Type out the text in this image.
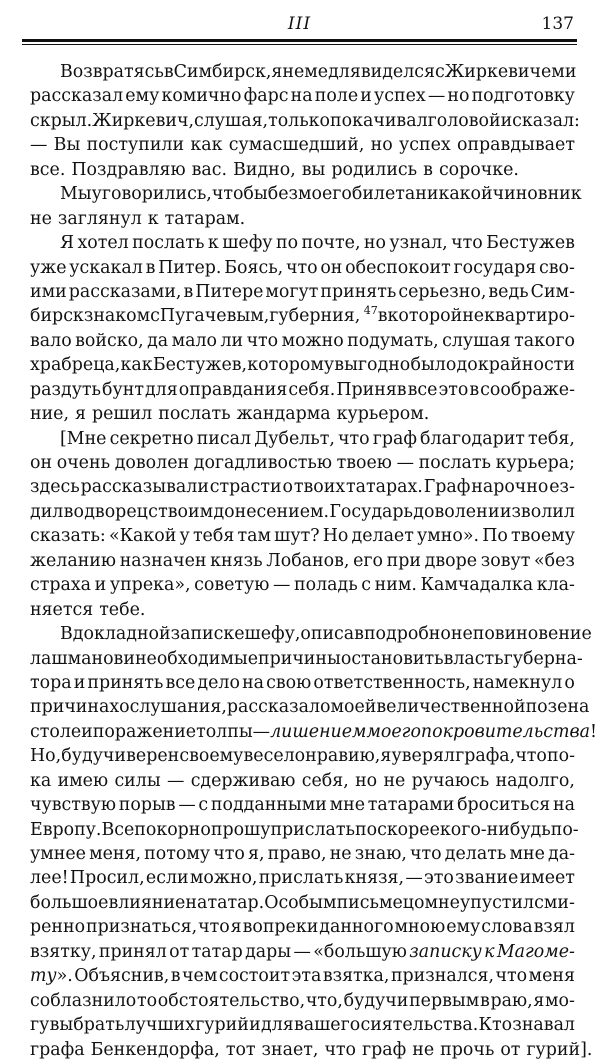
III	137
Возвратясь в Симбирск, я немедля виделся с Жиркевичем и
рассказал ему комично фарс на поле и успех — но подготовку
скрыл. Жиркевич, слушая, только покачивал головой и сказал:
— Вы поступили как сумасшедший, но успех оправдывает
все. Поздравляю вас. Видно, вы родились в сорочке.
Мы уговорились, чтобы без моего билета никакой чиновник
не заглянул к татарам.
Я хотел послать к шефу по почте, но узнал, что Бестужев
уже ускакал в Питер. Боясь, что он обеспокоит государя сво-
ими рассказами, в Питере могут принять серьезно, ведь Сим-
бирск знаком с Пугачевым, губерния, $^{47}$ в которой не квартиро-
вало войско, да мало ли что можно подумать, слушая такого
храбреца, как Бестужев, которому выгодно было до крайности
раздуть бунт для оправдания себя. Приняв все это в соображе-
ние, я решил послать жандарма курьером.
[Мне секретно писал Дубельт, что граф благодарит тебя,
он очень доволен догадливостью твоею — послать курьера;
здесь рассказывали страсти о твоих татарах. Граф нарочно ез-
дил во дворец с твоим донесением. Государь доволен и изволил
сказать: «Какой у тебя там шут? Но делает умно». По твоему
желанию назначен князь Лобанов, его при дворе зовут «без
страха и упрека», советую — поладь с ним. Камчадалка кла-
няется тебе.
В докладной записке шефу, описав подробно неповиновение
лашманов и необходимые причины остановить власть губерна-
тора и принять все дело на свою ответственность, намекнул о
причинах ослушания, рассказал о моей величественной позе на
столе и поражение толпы — лишением моего покровительства!
Но, будучи верен своему веселонравию, я уверял графа, что по-
ка имею силы — сдерживаю себя, но не ручаюсь надолго,
чувствую порыв — с подданными мне татарами броситься на
Европу. Всепокорно прошу прислать поскорее кого-нибудь по-
умнее меня, потому что я, право, не знаю, что делать мне да-
лее! Просил, если можно, прислать князя, — это звание имеет
большое влияние на татар. Особым письмецом не упустил сми-
ренно признаться, что я вопреки данного мною ему слова взял
взятку, принял от татар дары — «большую записку к Магоме-
ту». Объяснив, в чем состоит эта взятка, признался, что меня
соблазнило то обстоятельство, что, будучи первым в раю, я мо-
гу выбрать лучших гурий и для вашего сиятельства. Кто знавал
графа Бенкендорфа, тот знает, что граф не прочь от гурий].
